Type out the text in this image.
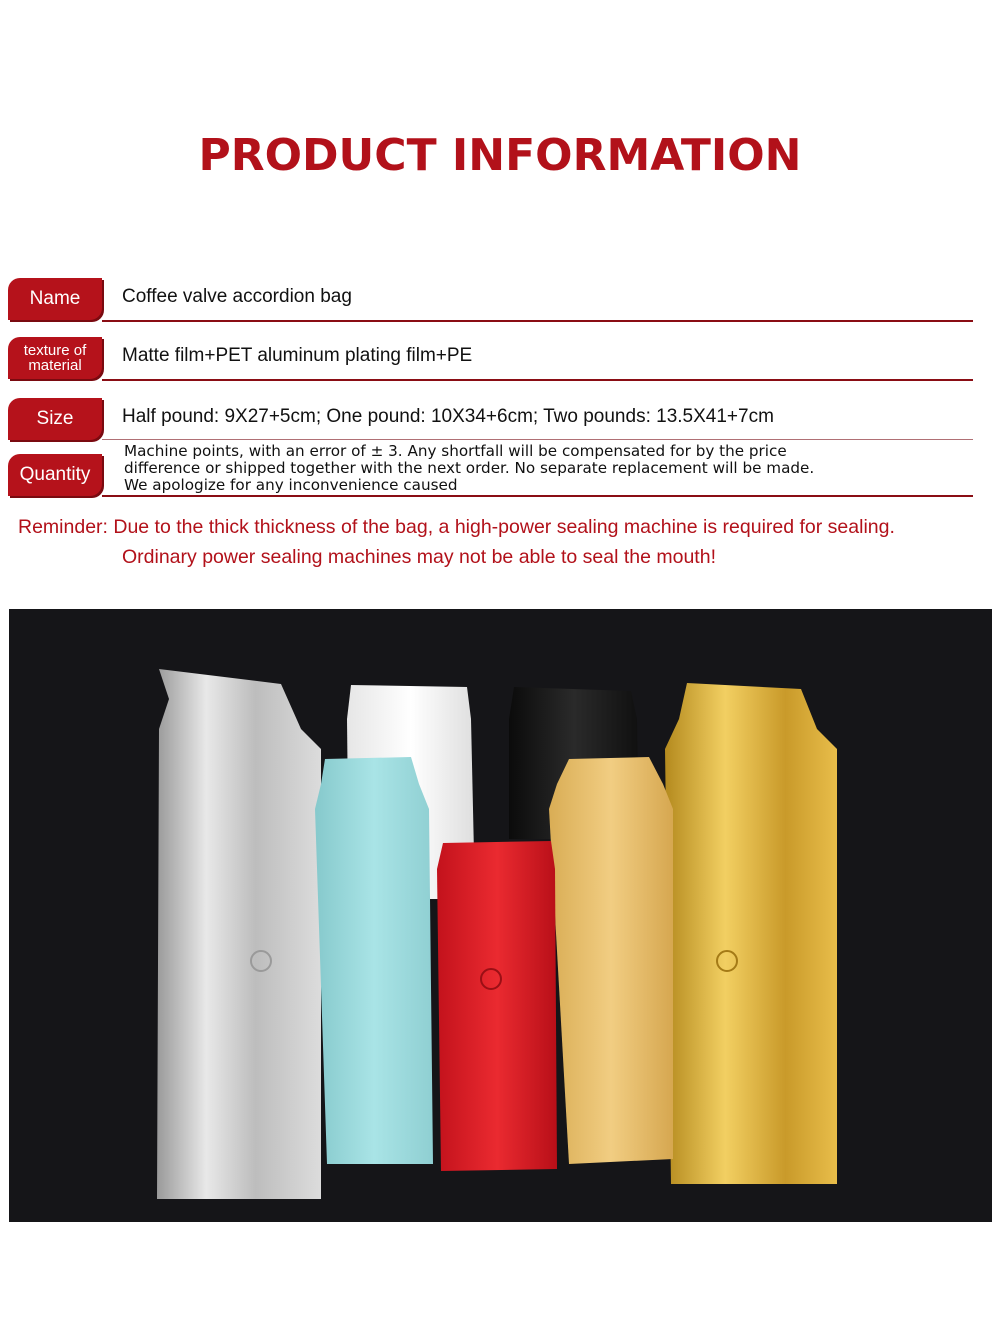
PRODUCT INFORMATION
Name	Coffee valve accordion bag
texture of
material Matte film+PET aluminum plating film+PE
Size	Half pound: 9X27+5cm; One pound: 10X34+6cm; Two pounds: 13.5X41+7cm
Quantity
Machine points, with an error of ± 3. Any shortfall will be compensated for by the price
difference or shipped together with the next order. No separate replacement will be made.
We apologize for any inconvenience caused
Reminder: Due to the thick thickness of the bag, a high-power sealing machine is required for sealing.
Ordinary power sealing machines may not be able to seal the mouth!
